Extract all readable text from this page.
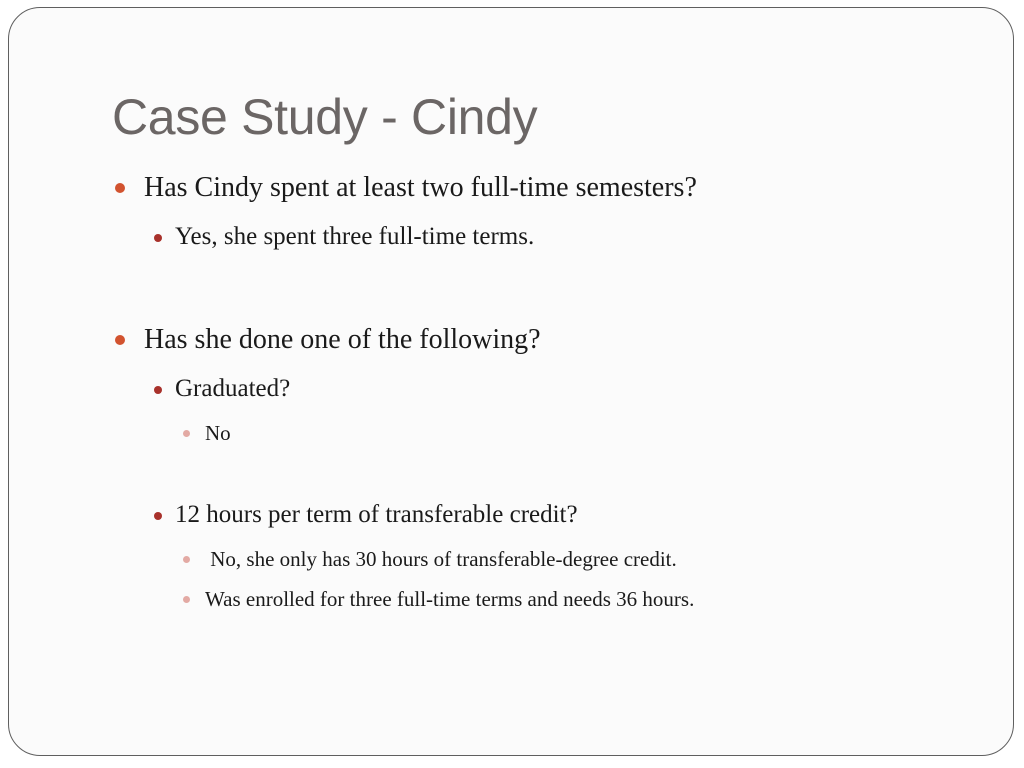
Case Study - Cindy
Has Cindy spent at least two full-time semesters?
Yes, she spent three full-time terms.
Has she done one of the following?
Graduated?
No
12 hours per term of transferable credit?
No, she only has 30 hours of transferable-degree credit.
Was enrolled for three full-time terms and needs 36 hours.
